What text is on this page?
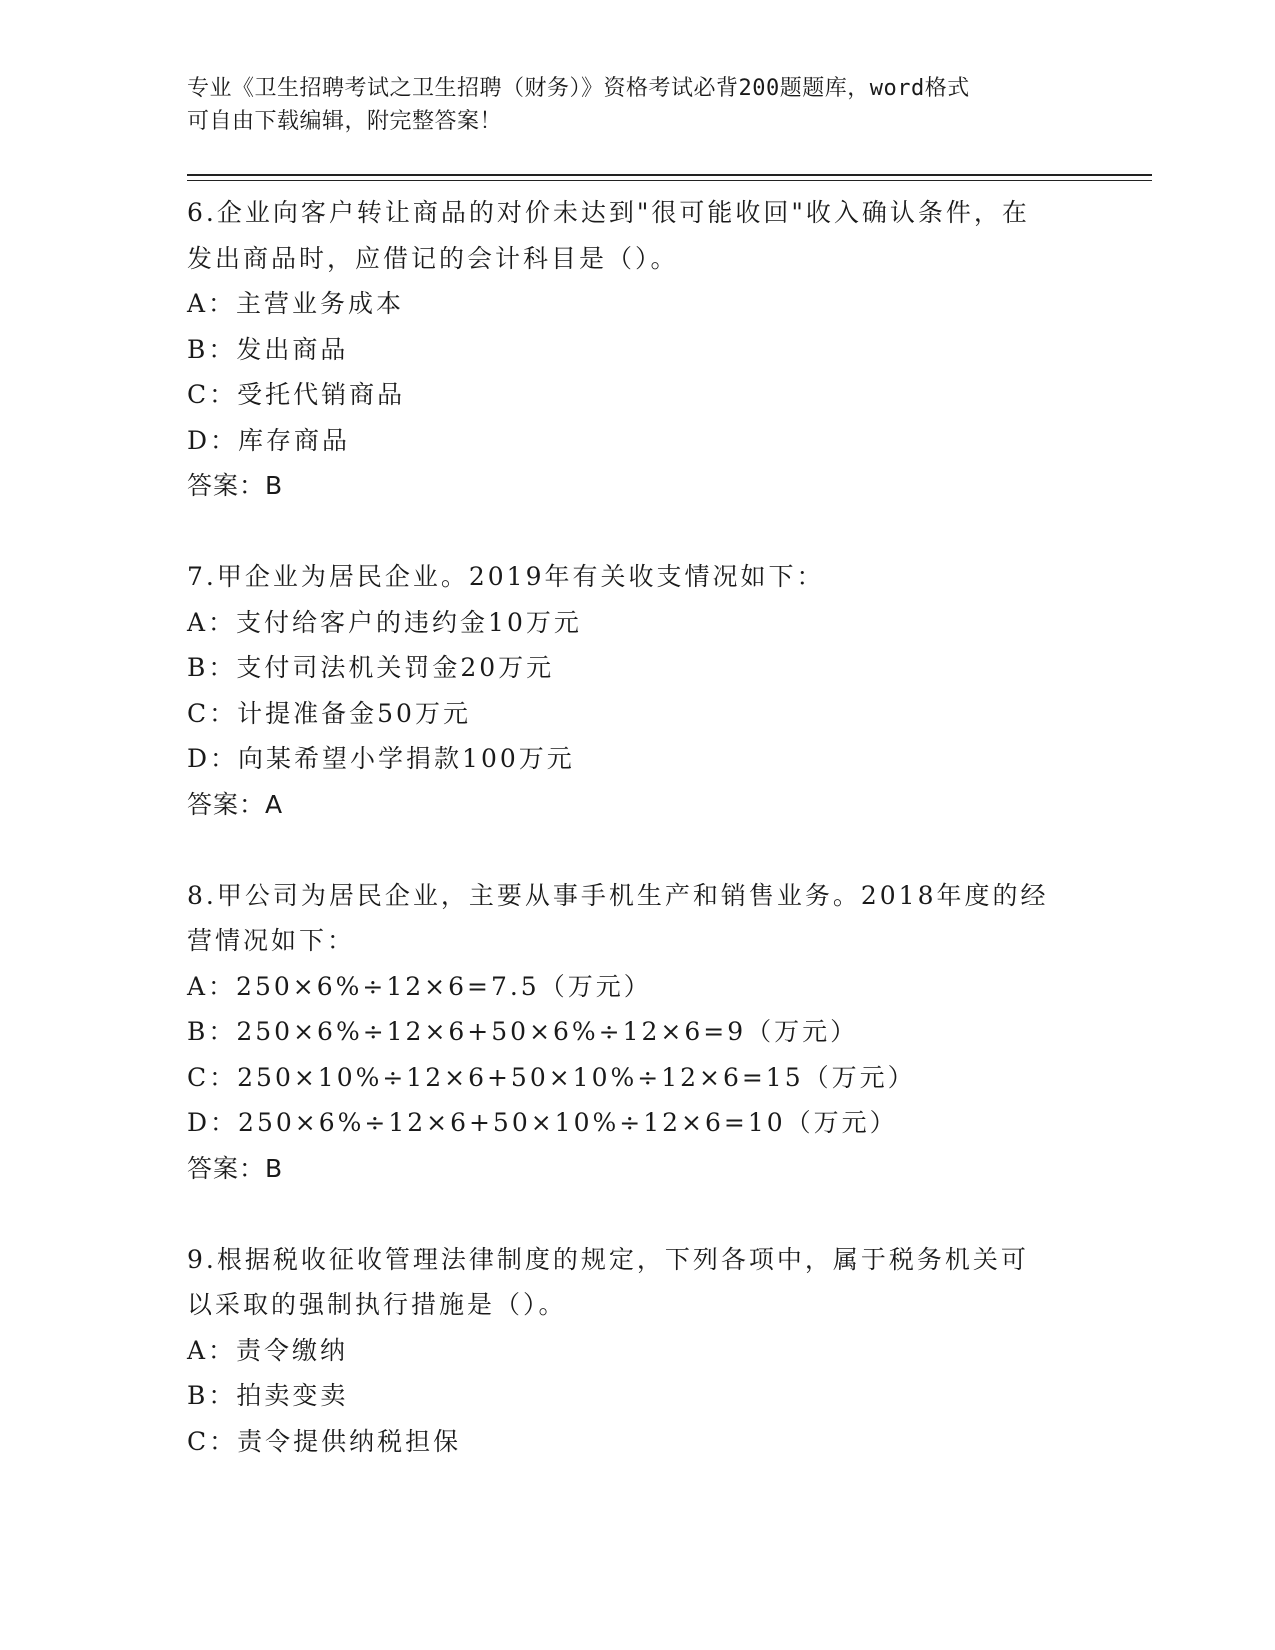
专业《卫生招聘考试之卫生招聘（财务）》资格考试必背200题题库，word格式
可自由下载编辑，附完整答案！

6.企业向客户转让商品的对价未达到"很可能收回"收入确认条件，在
发出商品时，应借记的会计科目是（）。

A：主营业务成本

B：发出商品

C：受托代销商品

D：库存商品

答案：B

7.甲企业为居民企业。2019年有关收支情况如下：

A：支付给客户的违约金10万元

B：支付司法机关罚金20万元

C：计提准备金50万元

D：向某希望小学捐款100万元

答案：A

8.甲公司为居民企业，主要从事手机生产和销售业务。2018年度的经
营情况如下：

A：250×6%÷12×6=7.5（万元）

B：250×6%÷12×6+50×6%÷12×6=9（万元）

C：250×10%÷12×6+50×10%÷12×6=15（万元）

D：250×6%÷12×6+50×10%÷12×6=10（万元）

答案：B

9.根据税收征收管理法律制度的规定，下列各项中，属于税务机关可
以采取的强制执行措施是（）。

A：责令缴纳

B：拍卖变卖

C：责令提供纳税担保
